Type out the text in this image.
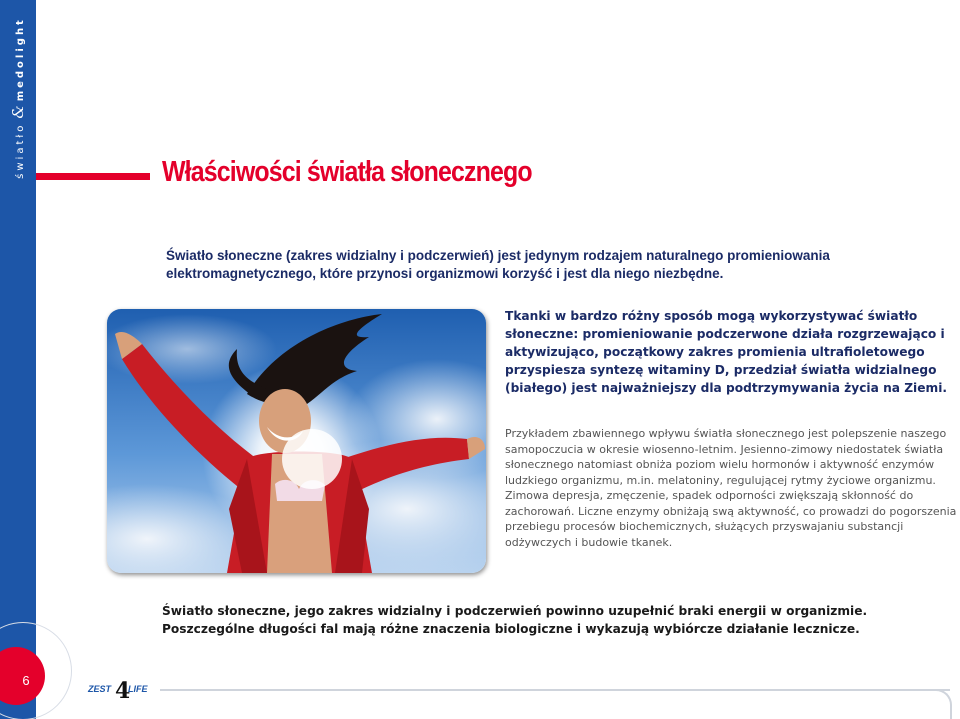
światło&medolight
Właściwości światła słonecznego

Światło słoneczne (zakres widzialny i podczerwień) jest jedynym rodzajem naturalnego promieniowania elektromagnetycznego, które przynosi organizmowi korzyść i jest dla niego niezbędne.

Tkanki w bardzo różny sposób mogą wykorzystywać światło słoneczne: promieniowanie podczerwone działa rozgrzewająco i aktywizująco, początkowy zakres promienia ultrafioletowego przyspiesza syntezę witaminy D, przedział światła widzialnego (białego) jest najważniejszy dla podtrzymywania życia na Ziemi.

Przykładem zbawiennego wpływu światła słonecznego jest polepszenie naszego samopoczucia w okresie wiosenno-letnim. Jesienno-zimowy niedostatek światła słonecznego natomiast obniża poziom wielu hormonów i aktywność enzymów ludzkiego organizmu, m.in. melatoniny, regulującej rytmy życiowe organizmu. Zimowa depresja, zmęczenie, spadek odporności zwiększają skłonność do zachorowań. Liczne enzymy obniżają swą aktywność, co prowadzi do pogorszenia przebiegu procesów biochemicznych, służących przyswajaniu substancji odżywczych i budowie tkanek.

Światło słoneczne, jego zakres widzialny i podczerwień powinno uzupełnić braki energii w organizmie. Poszczególne długości fal mają różne znaczenia biologiczne i wykazują wybiórcze działanie lecznicze.

6
ZEST 4
LIFE
